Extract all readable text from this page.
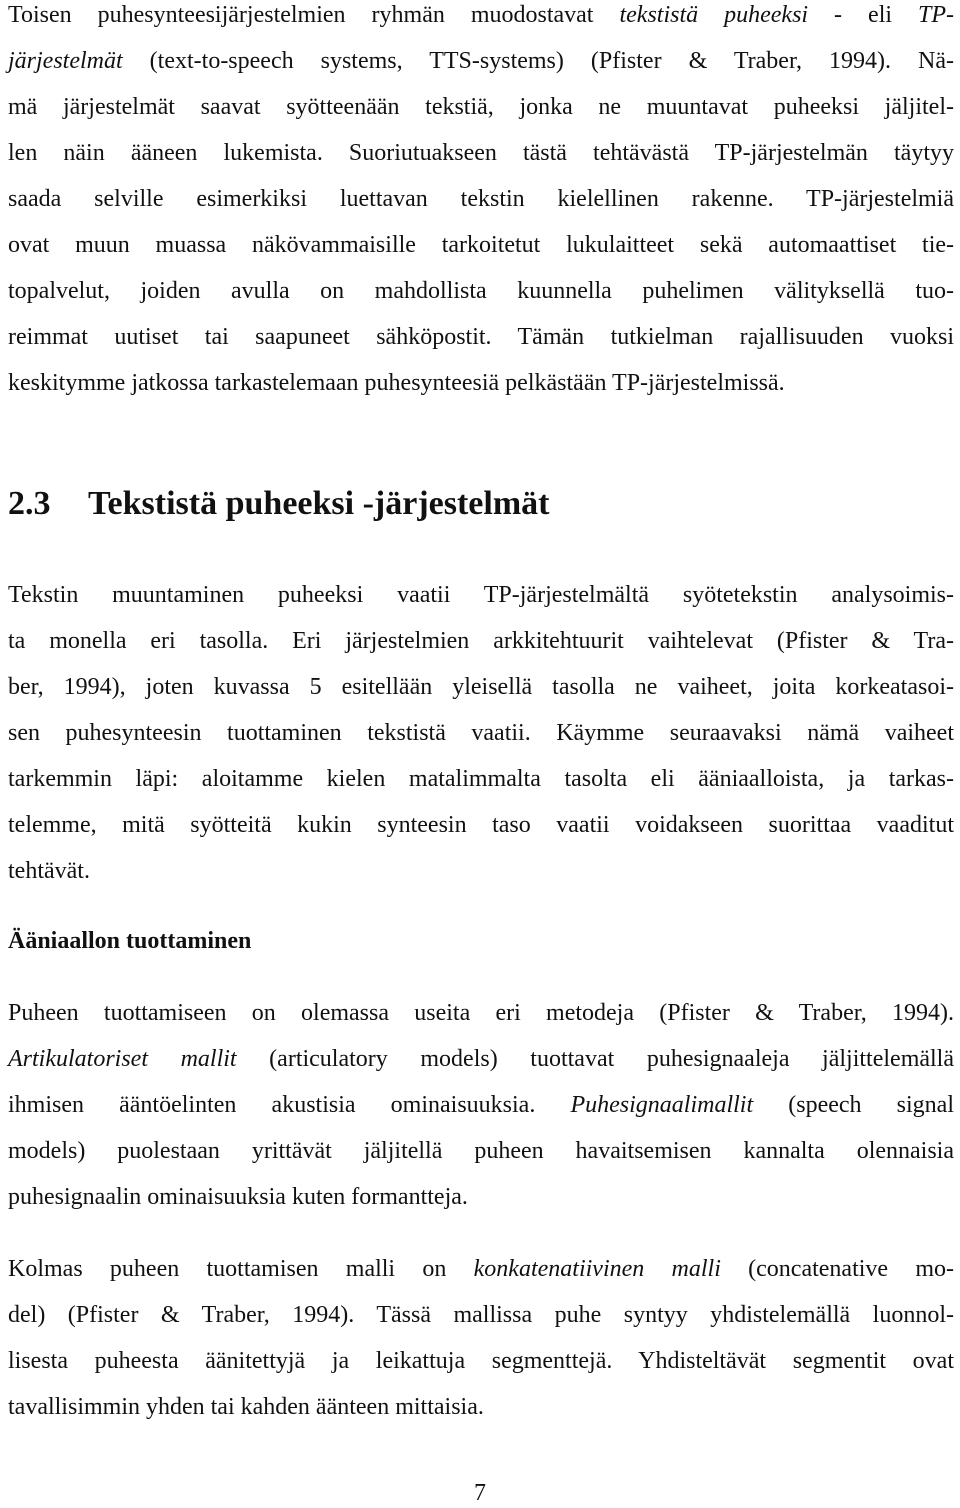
Toisen puhesynteesijärjestelmien ryhmän muodostavat tekstistä puheeksi - eli TP-
järjestelmät (text-to-speech systems, TTS-systems) (Pfister & Traber, 1994). Nä-
mä järjestelmät saavat syötteenään tekstiä, jonka ne muuntavat puheeksi jäljitel-
len näin ääneen lukemista. Suoriutuakseen tästä tehtävästä TP-järjestelmän täytyy
saada selville esimerkiksi luettavan tekstin kielellinen rakenne. TP-järjestelmiä
ovat muun muassa näkövammaisille tarkoitetut lukulaitteet sekä automaattiset tie-
topalvelut, joiden avulla on mahdollista kuunnella puhelimen välityksellä tuo-
reimmat uutiset tai saapuneet sähköpostit. Tämän tutkielman rajallisuuden vuoksi
keskitymme jatkossa tarkastelemaan puhesynteesiä pelkästään TP-järjestelmissä.
2.3 Tekstistä puheeksi -järjestelmät
Tekstin muuntaminen puheeksi vaatii TP-järjestelmältä syötetekstin analysoimis-
ta monella eri tasolla. Eri järjestelmien arkkitehtuurit vaihtelevat (Pfister & Tra-
ber, 1994), joten kuvassa 5 esitellään yleisellä tasolla ne vaiheet, joita korkeatasoi-
sen puhesynteesin tuottaminen tekstistä vaatii. Käymme seuraavaksi nämä vaiheet
tarkemmin läpi: aloitamme kielen matalimmalta tasolta eli ääniaalloista, ja tarkas-
telemme, mitä syötteitä kukin synteesin taso vaatii voidakseen suorittaa vaaditut
tehtävät.
Ääniaallon tuottaminen
Puheen tuottamiseen on olemassa useita eri metodeja (Pfister & Traber, 1994).
Artikulatoriset mallit (articulatory models) tuottavat puhesignaaleja jäljittelemällä
ihmisen ääntöelinten akustisia ominaisuuksia. Puhesignaalimallit (speech signal
models) puolestaan yrittävät jäljitellä puheen havaitsemisen kannalta olennaisia
puhesignaalin ominaisuuksia kuten formantteja.
Kolmas puheen tuottamisen malli on konkatenatiivinen malli (concatenative mo-
del) (Pfister & Traber, 1994). Tässä mallissa puhe syntyy yhdistelemällä luonnol-
lisesta puheesta äänitettyjä ja leikattuja segmenttejä. Yhdisteltävät segmentit ovat
tavallisimmin yhden tai kahden äänteen mittaisia.
7
